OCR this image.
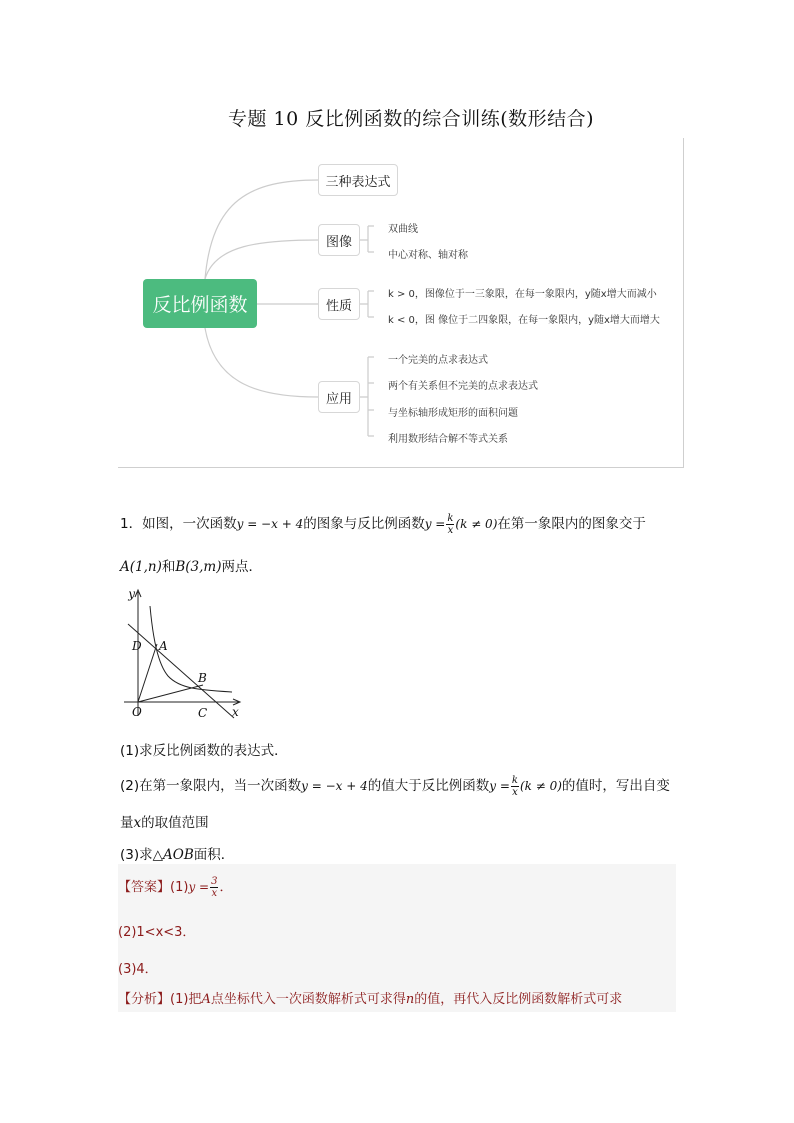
专题 10 反比例函数的综合训练(数形结合)
反比例函数
三种表达式
图像
性质
应用
双曲线
中心对称、轴对称
k > 0，图像位于一三象限，在每一象限内，y随x增大而减小
k < 0，图 像位于二四象限，在每一象限内，y随x增大而增大
一个完美的点求表达式
两个有关系但不完美的点求表达式
与坐标轴形成矩形的面积问题
利用数形结合解不等式关系
1．如图，一次函数y = −x + 4的图象与反比例函数$y = \frac{k}{x} (k \ne 0)$在第一象限内的图象交于
A(1,n)和B(3,m)两点．
y
x
O
A
B
C
D
(1)求反比例函数的表达式．
(2)在第一象限内，当一次函数y = −x + 4的值大于反比例函数$y = \frac{k}{x} (k \ne 0)$的值时，写出自变
量x的取值范围
(3)求△AOB面积．
【答案】$(1)y = \frac{3}{x}$ ．
(2)1<x<3．
(3)4．
【分析】(1)把A点坐标代入一次函数解析式可求得n的值，再代入反比例函数解析式可求
